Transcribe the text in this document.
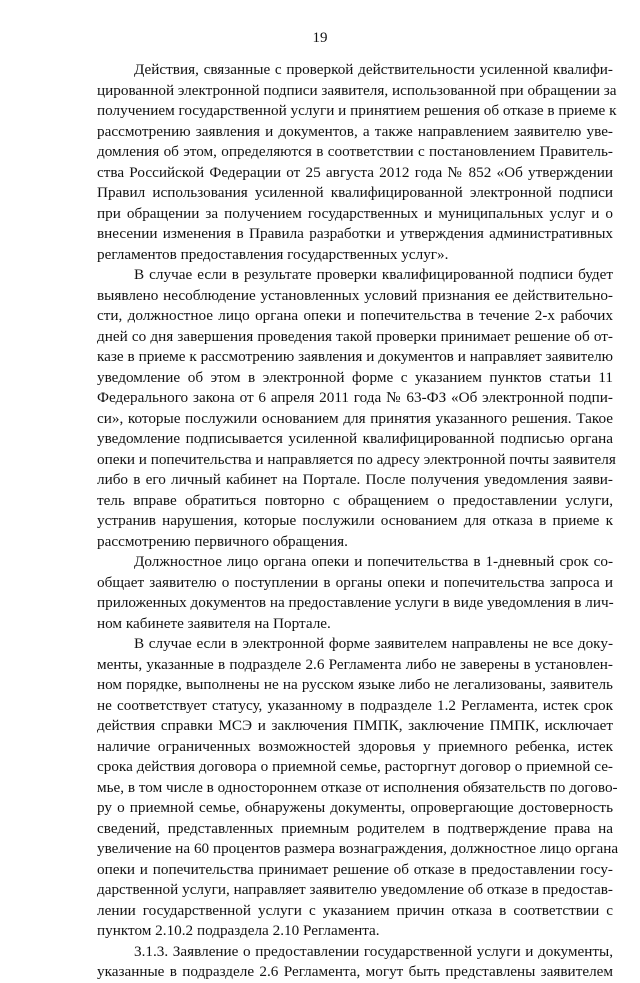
19
Действия, связанные с проверкой действительности усиленной квалифи-
цированной электронной подписи заявителя, использованной при обращении за
получением государственной услуги и принятием решения об отказе в приеме к
рассмотрению заявления и документов, а также направлением заявителю уве-
домления об этом, определяются в соответствии с постановлением Правитель-
ства Российской Федерации от 25 августа 2012 года № 852 «Об утверждении
Правил использования усиленной квалифицированной электронной подписи
при обращении за получением государственных и муниципальных услуг и о
внесении изменения в Правила разработки и утверждения административных
регламентов предоставления государственных услуг».
В случае если в результате проверки квалифицированной подписи будет
выявлено несоблюдение установленных условий признания ее действительно-
сти, должностное лицо органа опеки и попечительства в течение 2-х рабочих
дней со дня завершения проведения такой проверки принимает решение об от-
казе в приеме к рассмотрению заявления и документов и направляет заявителю
уведомление об этом в электронной форме с указанием пунктов статьи 11
Федерального закона от 6 апреля 2011 года № 63-ФЗ «Об электронной подпи-
си», которые послужили основанием для принятия указанного решения. Такое
уведомление подписывается усиленной квалифицированной подписью органа
опеки и попечительства и направляется по адресу электронной почты заявителя
либо в его личный кабинет на Портале. После получения уведомления заяви-
тель вправе обратиться повторно с обращением о предоставлении услуги,
устранив нарушения, которые послужили основанием для отказа в приеме к
рассмотрению первичного обращения.
Должностное лицо органа опеки и попечительства в 1-дневный срок со-
общает заявителю о поступлении в органы опеки и попечительства запроса и
приложенных документов на предоставление услуги в виде уведомления в лич-
ном кабинете заявителя на Портале.
В случае если в электронной форме заявителем направлены не все доку-
менты, указанные в подразделе 2.6 Регламента либо не заверены в установлен-
ном порядке, выполнены не на русском языке либо не легализованы, заявитель
не соответствует статусу, указанному в подразделе 1.2 Регламента, истек срок
действия справки МСЭ и заключения ПМПК, заключение ПМПК, исключает
наличие ограниченных возможностей здоровья у приемного ребенка, истек
срока действия договора о приемной семье, расторгнут договор о приемной се-
мье, в том числе в одностороннем отказе от исполнения обязательств по догово-
ру о приемной семье, обнаружены документы, опровергающие достоверность
сведений, представленных приемным родителем в подтверждение права на
увеличение на 60 процентов размера вознаграждения, должностное лицо органа
опеки и попечительства принимает решение об отказе в предоставлении госу-
дарственной услуги, направляет заявителю уведомление об отказе в предостав-
лении государственной услуги с указанием причин отказа в соответствии с
пунктом 2.10.2 подраздела 2.10 Регламента.
3.1.3. Заявление о предоставлении государственной услуги и документы,
указанные в подразделе 2.6 Регламента, могут быть представлены заявителем
